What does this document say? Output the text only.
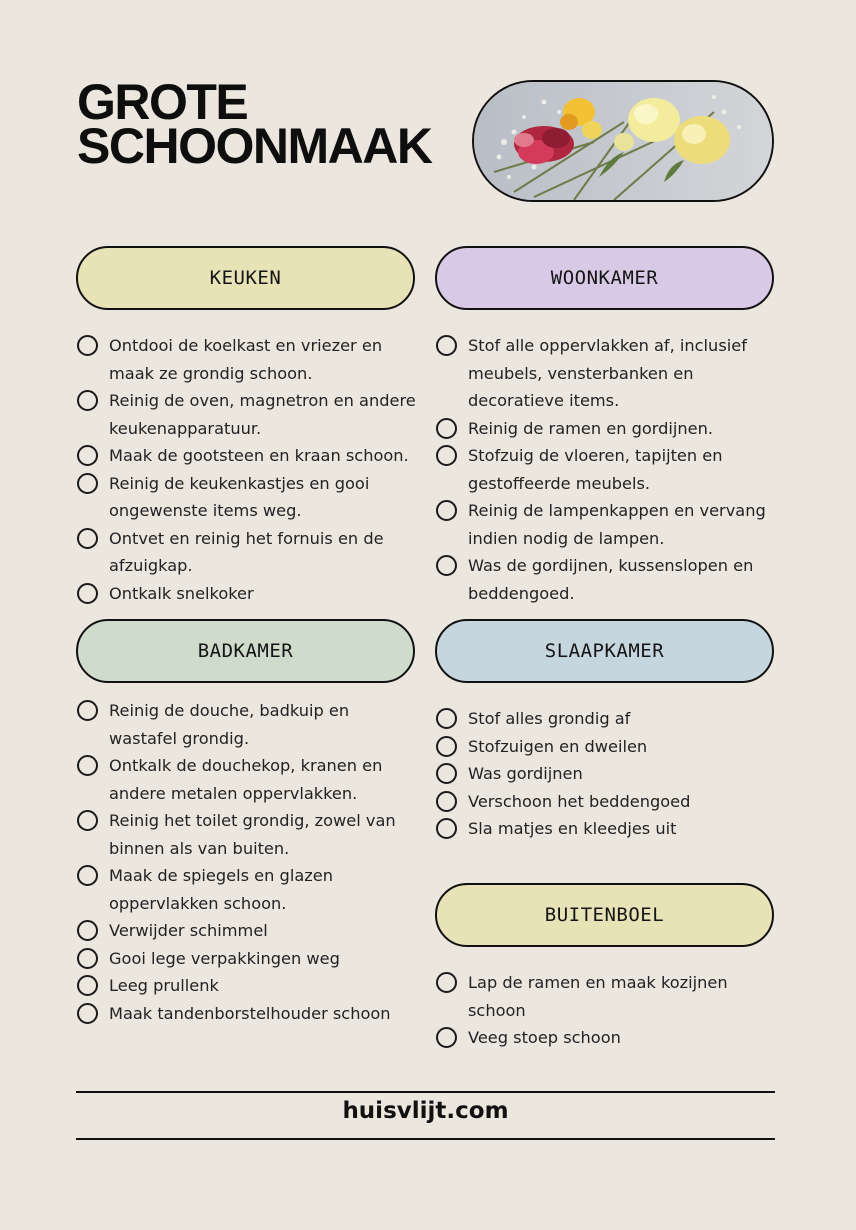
GROTE
SCHOONMAAK
KEUKEN
Ontdooi de koelkast en vriezer en maak ze grondig schoon.
Reinig de oven, magnetron en andere keukenapparatuur.
Maak de gootsteen en kraan schoon.
Reinig de keukenkastjes en gooi ongewenste items weg.
Ontvet en reinig het fornuis en de afzuigkap.
Ontkalk snelkoker
WOONKAMER
Stof alle oppervlakken af, inclusief meubels, vensterbanken en decoratieve items.
Reinig de ramen en gordijnen.
Stofzuig de vloeren, tapijten en gestoffeerde meubels.
Reinig de lampenkappen en vervang indien nodig de lampen.
Was de gordijnen, kussenslopen en beddengoed.
BADKAMER
Reinig de douche, badkuip en wastafel grondig.
Ontkalk de douchekop, kranen en andere metalen oppervlakken.
Reinig het toilet grondig, zowel van binnen als van buiten.
Maak de spiegels en glazen oppervlakken schoon.
Verwijder schimmel
Gooi lege verpakkingen weg
Leeg prullenk
Maak tandenborstelhouder schoon
SLAAPKAMER
Stof alles grondig af
Stofzuigen en dweilen
Was gordijnen
Verschoon het beddengoed
Sla matjes en kleedjes uit
BUITENBOEL
Lap de ramen en maak kozijnen schoon
Veeg stoep schoon
huisvlijt.com
